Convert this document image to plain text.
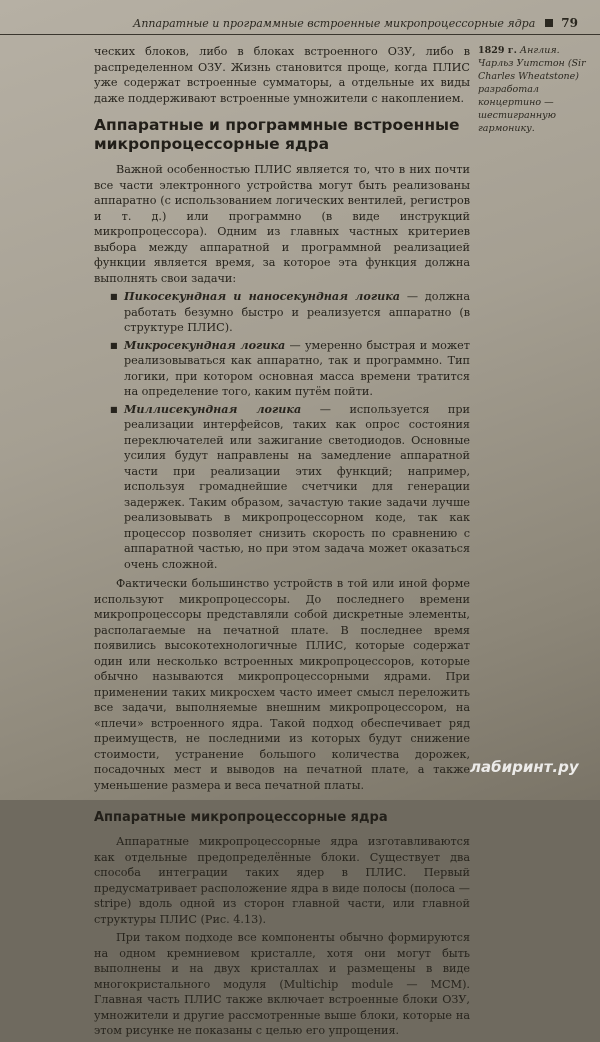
Аппаратные и программные встроенные микропроцессорные ядра 79
1829 г. Англия. Чарльз Уитстон (Sir Charles Wheatstone) разработал концертино — шестигранную гармонику.

ческих блоков, либо в блоках встроенного ОЗУ, либо в распределенном ОЗУ. Жизнь становится проще, когда ПЛИС уже содержат встроенные сумматоры, а отдельные их виды даже поддерживают встроенные умножители с накоплением.

Аппаратные и программные встроенные микропроцессорные ядра

Важной особенностью ПЛИС является то, что в них почти все части электронного устройства могут быть реализованы аппаратно (с использованием логических вентилей, регистров и т. д.) или программно (в виде инструкций микропроцессора). Одним из главных частных критериев выбора между аппаратной и программной реализацией функции является время, за которое эта функция должна выполнять свои задачи:

■ Пикосекундная и наносекундная логика — должна работать безумно быстро и реализуется аппаратно (в структуре ПЛИС).
■ Микросекундная логика — умеренно быстрая и может реализовываться как аппаратно, так и программно. Тип логики, при котором основная масса времени тратится на определение того, каким путём пойти.
■ Миллисекундная логика — используется при реализации интерфейсов, таких как опрос состояния переключателей или зажигание светодиодов. Основные усилия будут направлены на замедление аппаратной части при реализации этих функций; например, используя громаднейшие счетчики для генерации задержек. Таким образом, зачастую такие задачи лучше реализовывать в микропроцессорном коде, так как процессор позволяет снизить скорость по сравнению с аппаратной частью, но при этом задача может оказаться очень сложной.

Фактически большинство устройств в той или иной форме используют микропроцессоры. До последнего времени микропроцессоры представляли собой дискретные элементы, располагаемые на печатной плате. В последнее время появились высокотехнологичные ПЛИС, которые содержат один или несколько встроенных микропроцессоров, которые обычно называются микропроцессорными ядрами. При применении таких микросхем часто имеет смысл переложить все задачи, выполняемые внешним микропроцессором, на «плечи» встроенного ядра. Такой подход обеспечивает ряд преимуществ, не последними из которых будут снижение стоимости, устранение большого количества дорожек, посадочных мест и выводов на печатной плате, а также уменьшение размера и веса печатной платы.

Аппаратные микропроцессорные ядра

Аппаратные микропроцессорные ядра изготавливаются как отдельные предопределённые блоки. Существует два способа интеграции таких ядер в ПЛИС. Первый предусматривает расположение ядра в виде полосы (полоса — stripe) вдоль одной из сторон главной части, или главной структуры ПЛИС (Рис. 4.13).

При таком подходе все компоненты обычно формируются на одном кремниевом кристалле, хотя они могут быть выполнены и на двух кристаллах и размещены в виде многокристального модуля (Multichip module — MCM). Главная часть ПЛИС также включает встроенные блоки ОЗУ, умножители и другие рассмотренные выше блоки, которые на этом рисунке не показаны с целью его упрощения.

лабиринт.ру
